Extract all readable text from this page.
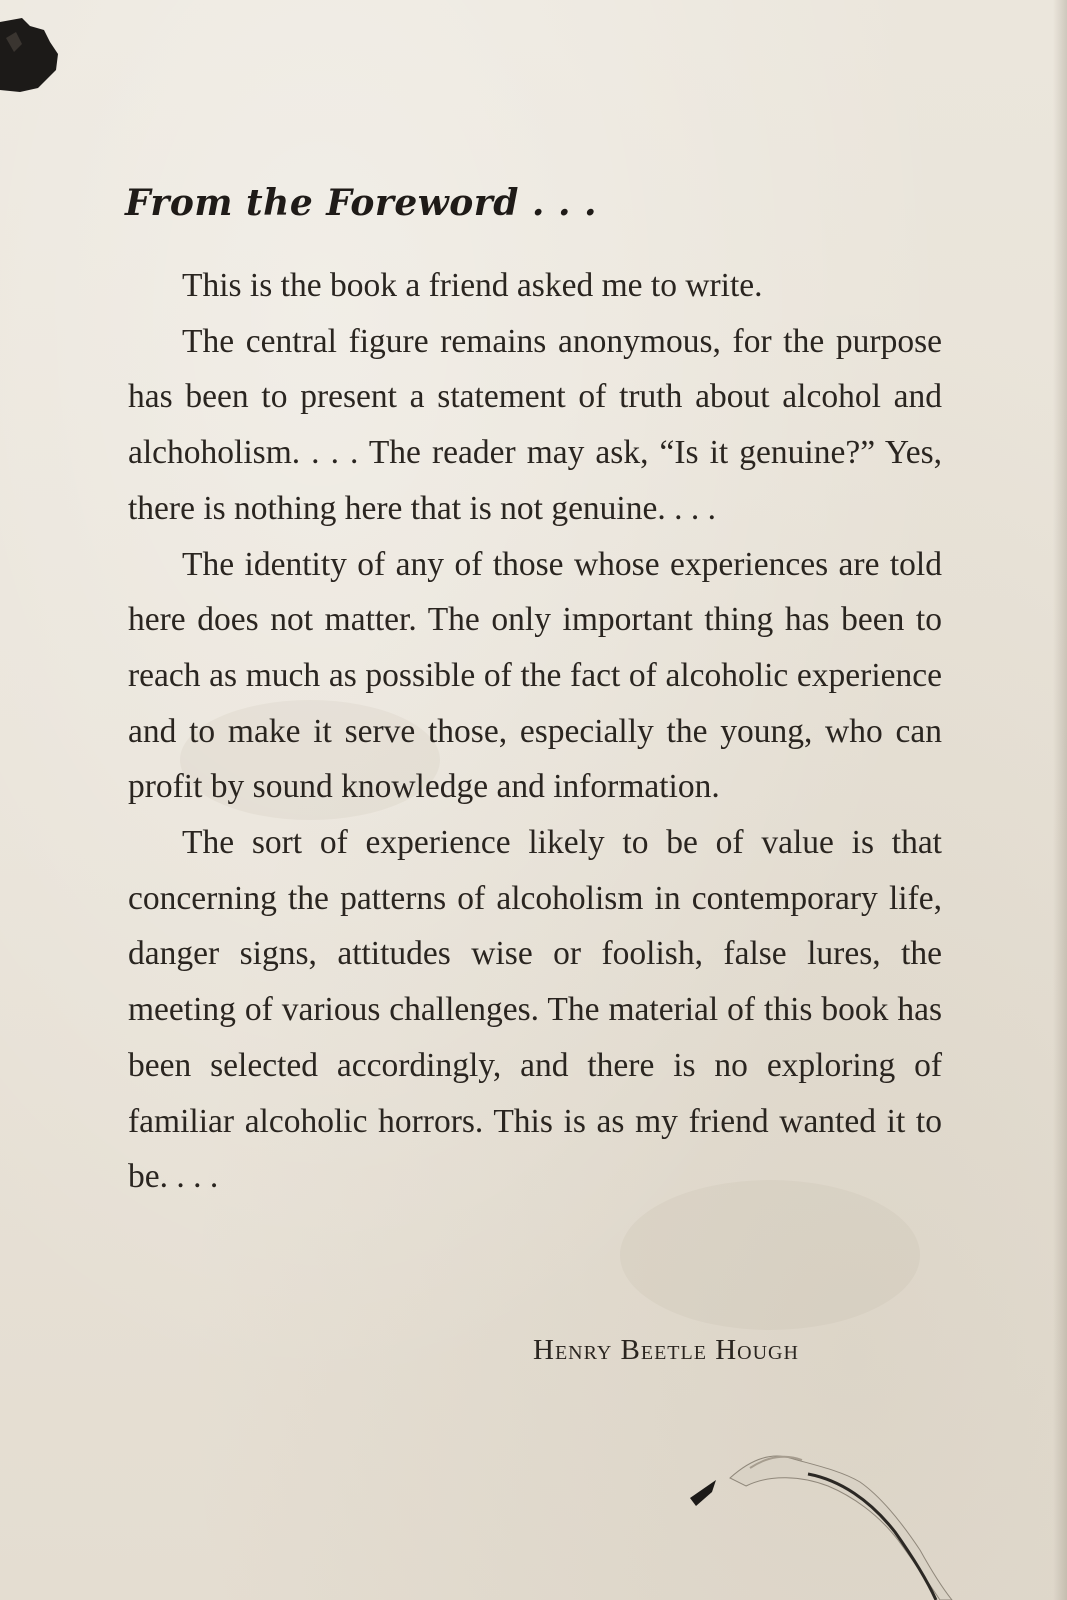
From the Foreword . . .

This is the book a friend asked me to write.

The central figure remains anonymous, for the purpose has been to present a statement of truth about alcohol and alchoholism. . . . The reader may ask, “Is it genuine?” Yes, there is nothing here that is not genuine. . . .

The identity of any of those whose experiences are told here does not matter. The only important thing has been to reach as much as possible of the fact of alcoholic experience and to make it serve those, especially the young, who can profit by sound knowledge and information.

The sort of experience likely to be of value is that concerning the patterns of alcoholism in contemporary life, danger signs, attitudes wise or foolish, false lures, the meeting of various challenges. The material of this book has been selected accordingly, and there is no exploring of familiar alcoholic horrors. This is as my friend wanted it to be. . . .

Henry Beetle Hough
